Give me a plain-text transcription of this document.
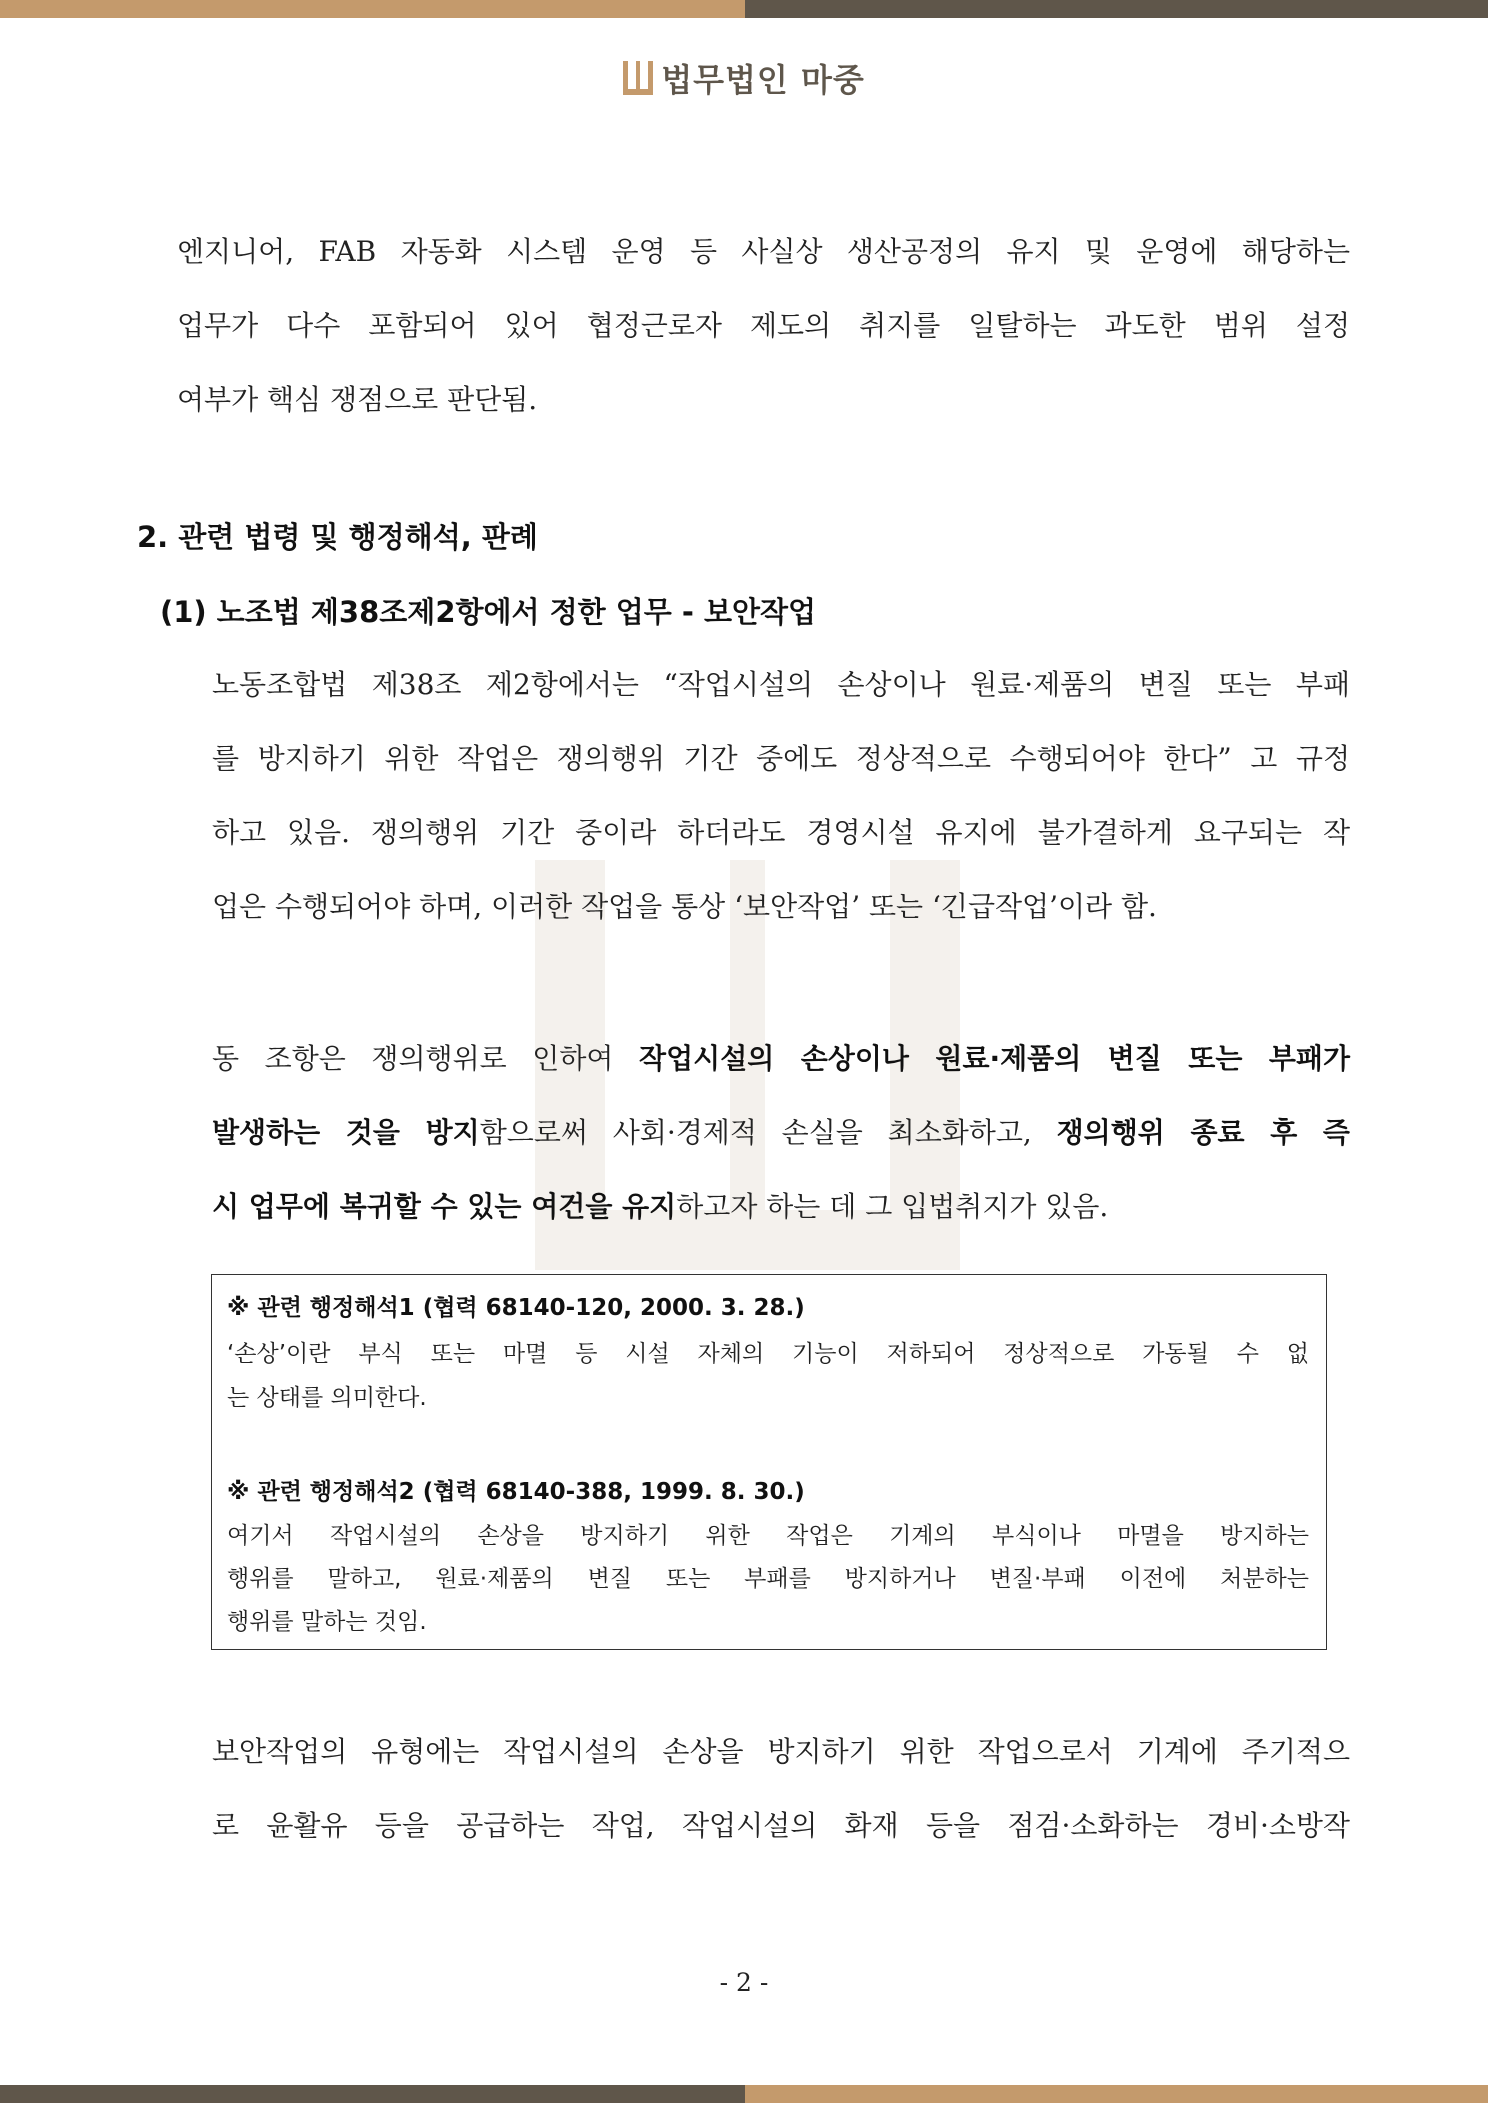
법무법인 마중
엔지니어, FAB 자동화 시스템 운영 등 사실상 생산공정의 유지 및 운영에 해당하는
업무가 다수 포함되어 있어 협정근로자 제도의 취지를 일탈하는 과도한 범위 설정
여부가 핵심 쟁점으로 판단됨.
2. 관련 법령 및 행정해석, 판례
(1) 노조법 제38조제2항에서 정한 업무 - 보안작업
노동조합법 제38조 제2항에서는 “작업시설의 손상이나 원료·제품의 변질 또는 부패
를 방지하기 위한 작업은 쟁의행위 기간 중에도 정상적으로 수행되어야 한다” 고 규정
하고 있음. 쟁의행위 기간 중이라 하더라도 경영시설 유지에 불가결하게 요구되는 작
업은 수행되어야 하며, 이러한 작업을 통상 ‘보안작업’ 또는 ‘긴급작업’이라 함.
동 조항은 쟁의행위로 인하여 작업시설의 손상이나 원료·제품의 변질 또는 부패가
발생하는 것을 방지함으로써 사회·경제적 손실을 최소화하고, 쟁의행위 종료 후 즉
시 업무에 복귀할 수 있는 여건을 유지하고자 하는 데 그 입법취지가 있음.
※ 관련 행정해석1 (협력 68140-120, 2000. 3. 28.)
‘손상’이란 부식 또는 마멸 등 시설 자체의 기능이 저하되어 정상적으로 가동될 수 없
는 상태를 의미한다.
※ 관련 행정해석2 (협력 68140-388, 1999. 8. 30.)
여기서 작업시설의 손상을 방지하기 위한 작업은 기계의 부식이나 마멸을 방지하는
행위를 말하고, 원료·제품의 변질 또는 부패를 방지하거나 변질·부패 이전에 처분하는
행위를 말하는 것임.
보안작업의 유형에는 작업시설의 손상을 방지하기 위한 작업으로서 기계에 주기적으
로 윤활유 등을 공급하는 작업, 작업시설의 화재 등을 점검·소화하는 경비·소방작
- 2 -
